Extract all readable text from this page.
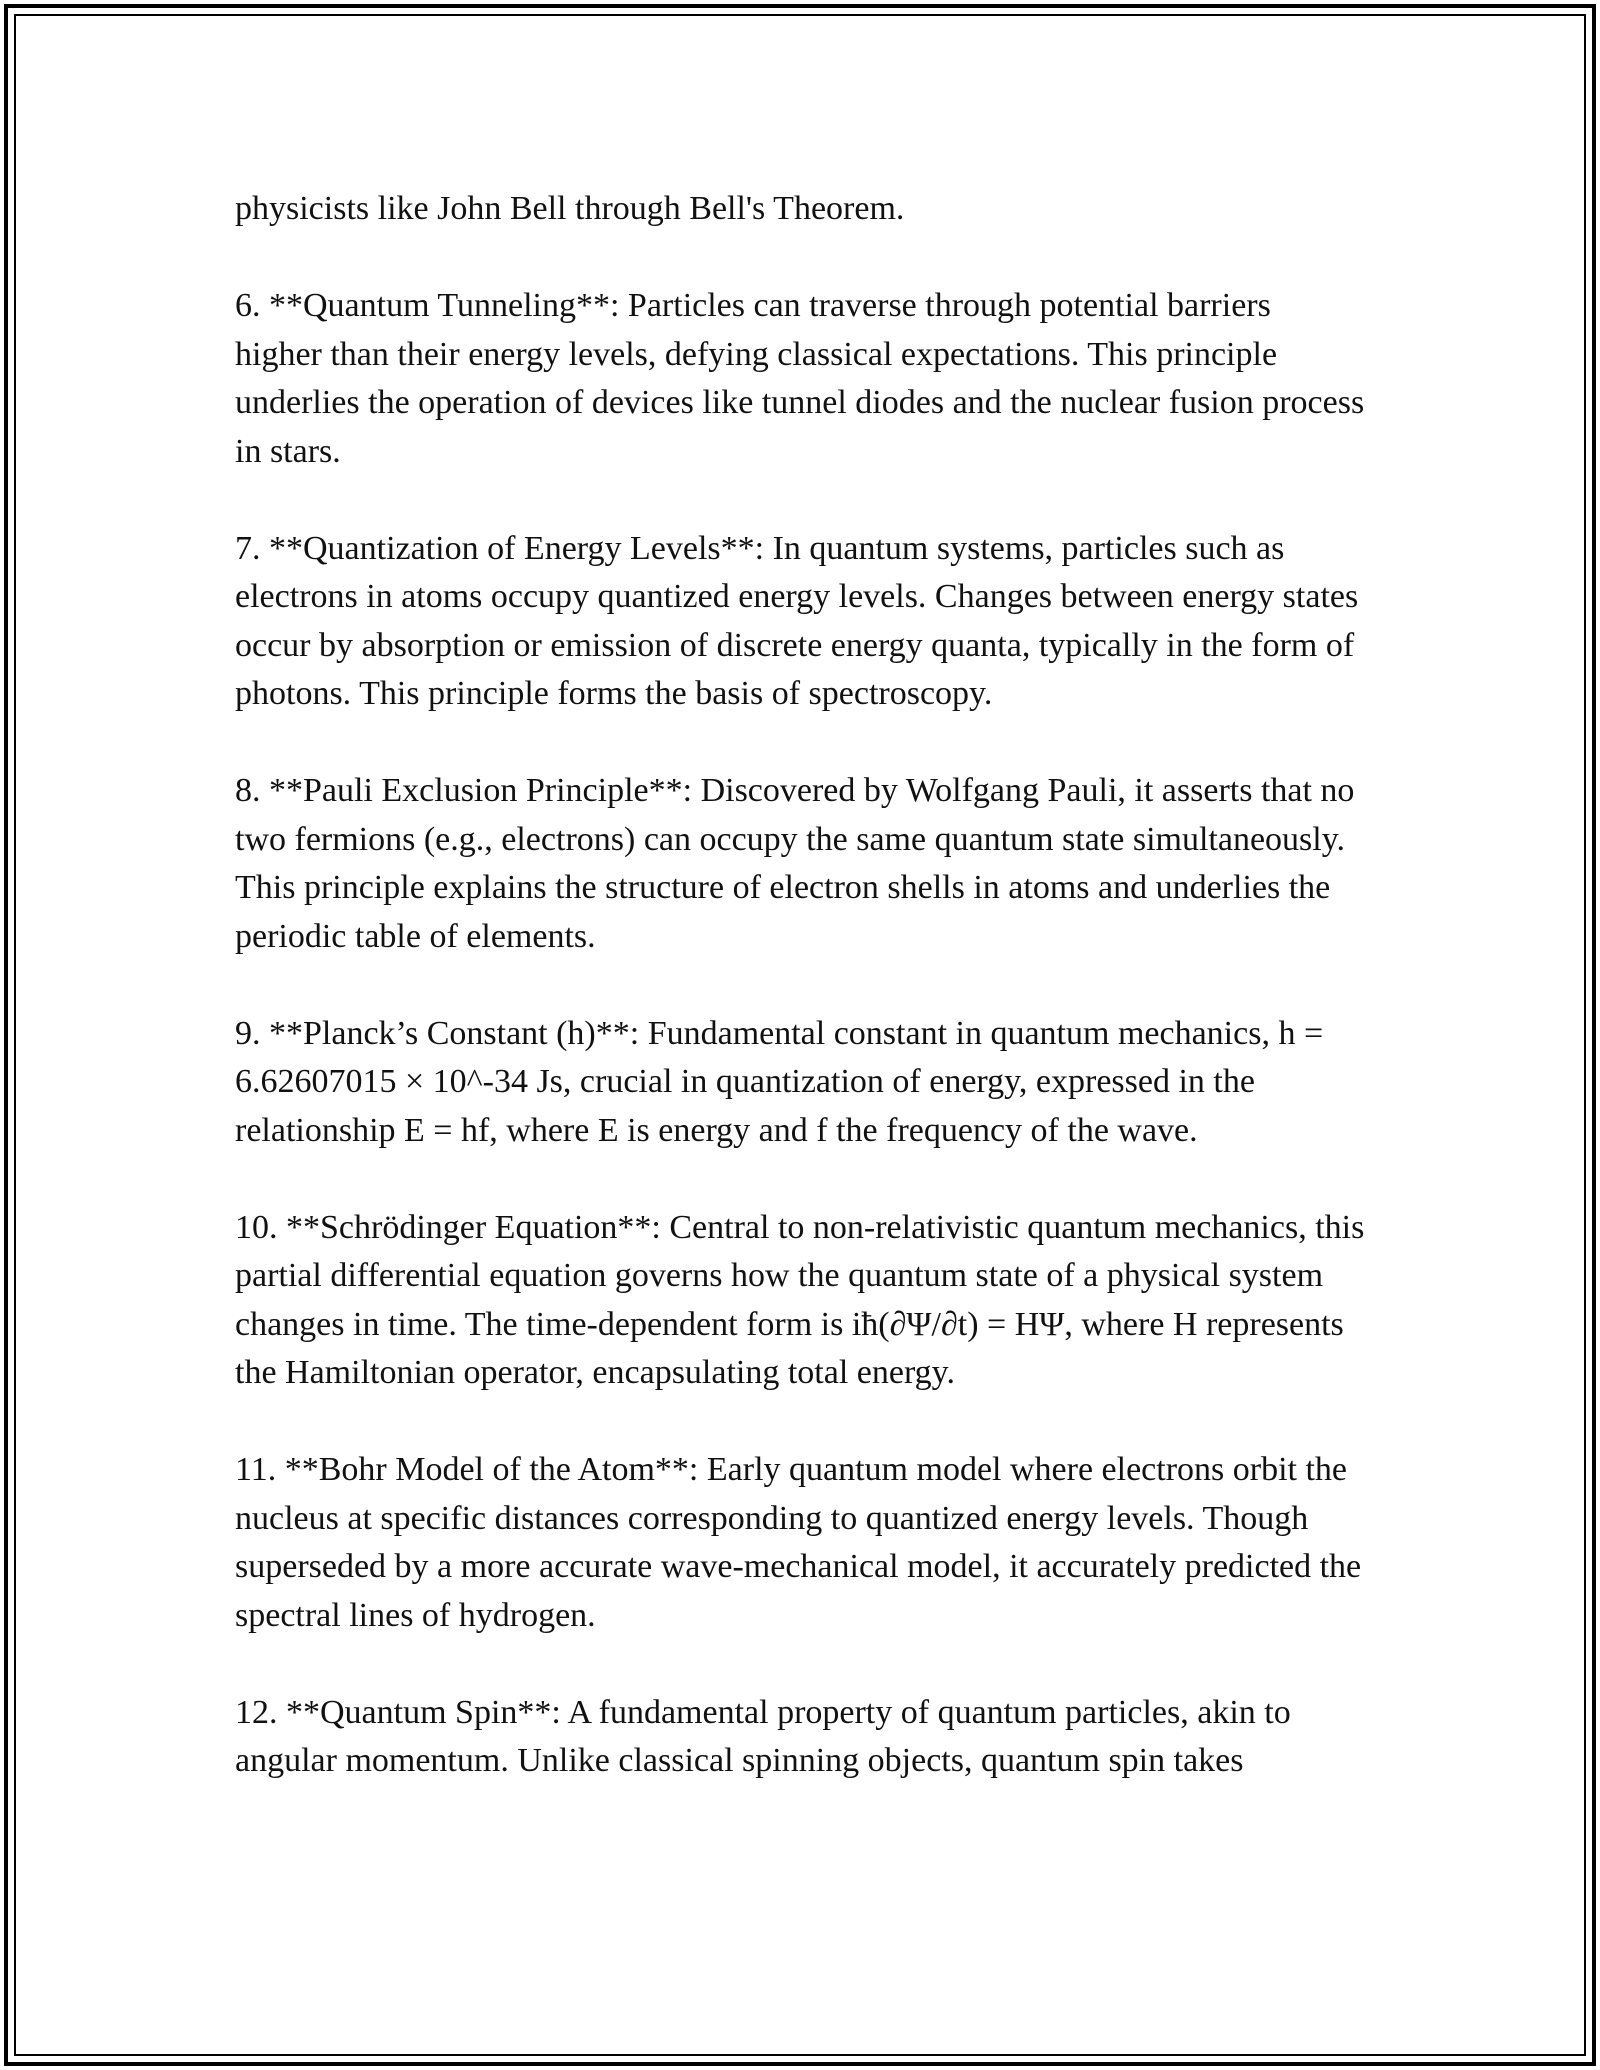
physicists like John Bell through Bell's Theorem.

6. **Quantum Tunneling**: Particles can traverse through potential barriers higher than their energy levels, defying classical expectations. This principle underlies the operation of devices like tunnel diodes and the nuclear fusion process in stars.

7. **Quantization of Energy Levels**: In quantum systems, particles such as electrons in atoms occupy quantized energy levels. Changes between energy states occur by absorption or emission of discrete energy quanta, typically in the form of photons. This principle forms the basis of spectroscopy.

8. **Pauli Exclusion Principle**: Discovered by Wolfgang Pauli, it asserts that no two fermions (e.g., electrons) can occupy the same quantum state simultaneously. This principle explains the structure of electron shells in atoms and underlies the periodic table of elements.

9. **Planck’s Constant (h)**: Fundamental constant in quantum mechanics, h = 6.62607015 × 10^-34 Js, crucial in quantization of energy, expressed in the relationship E = hf, where E is energy and f the frequency of the wave.

10. **Schrödinger Equation**: Central to non-relativistic quantum mechanics, this partial differential equation governs how the quantum state of a physical system changes in time. The time-dependent form is iħ(∂Ψ/∂t) = HΨ, where H represents the Hamiltonian operator, encapsulating total energy.

11. **Bohr Model of the Atom**: Early quantum model where electrons orbit the nucleus at specific distances corresponding to quantized energy levels. Though superseded by a more accurate wave-mechanical model, it accurately predicted the spectral lines of hydrogen.

12. **Quantum Spin**: A fundamental property of quantum particles, akin to angular momentum. Unlike classical spinning objects, quantum spin takes
